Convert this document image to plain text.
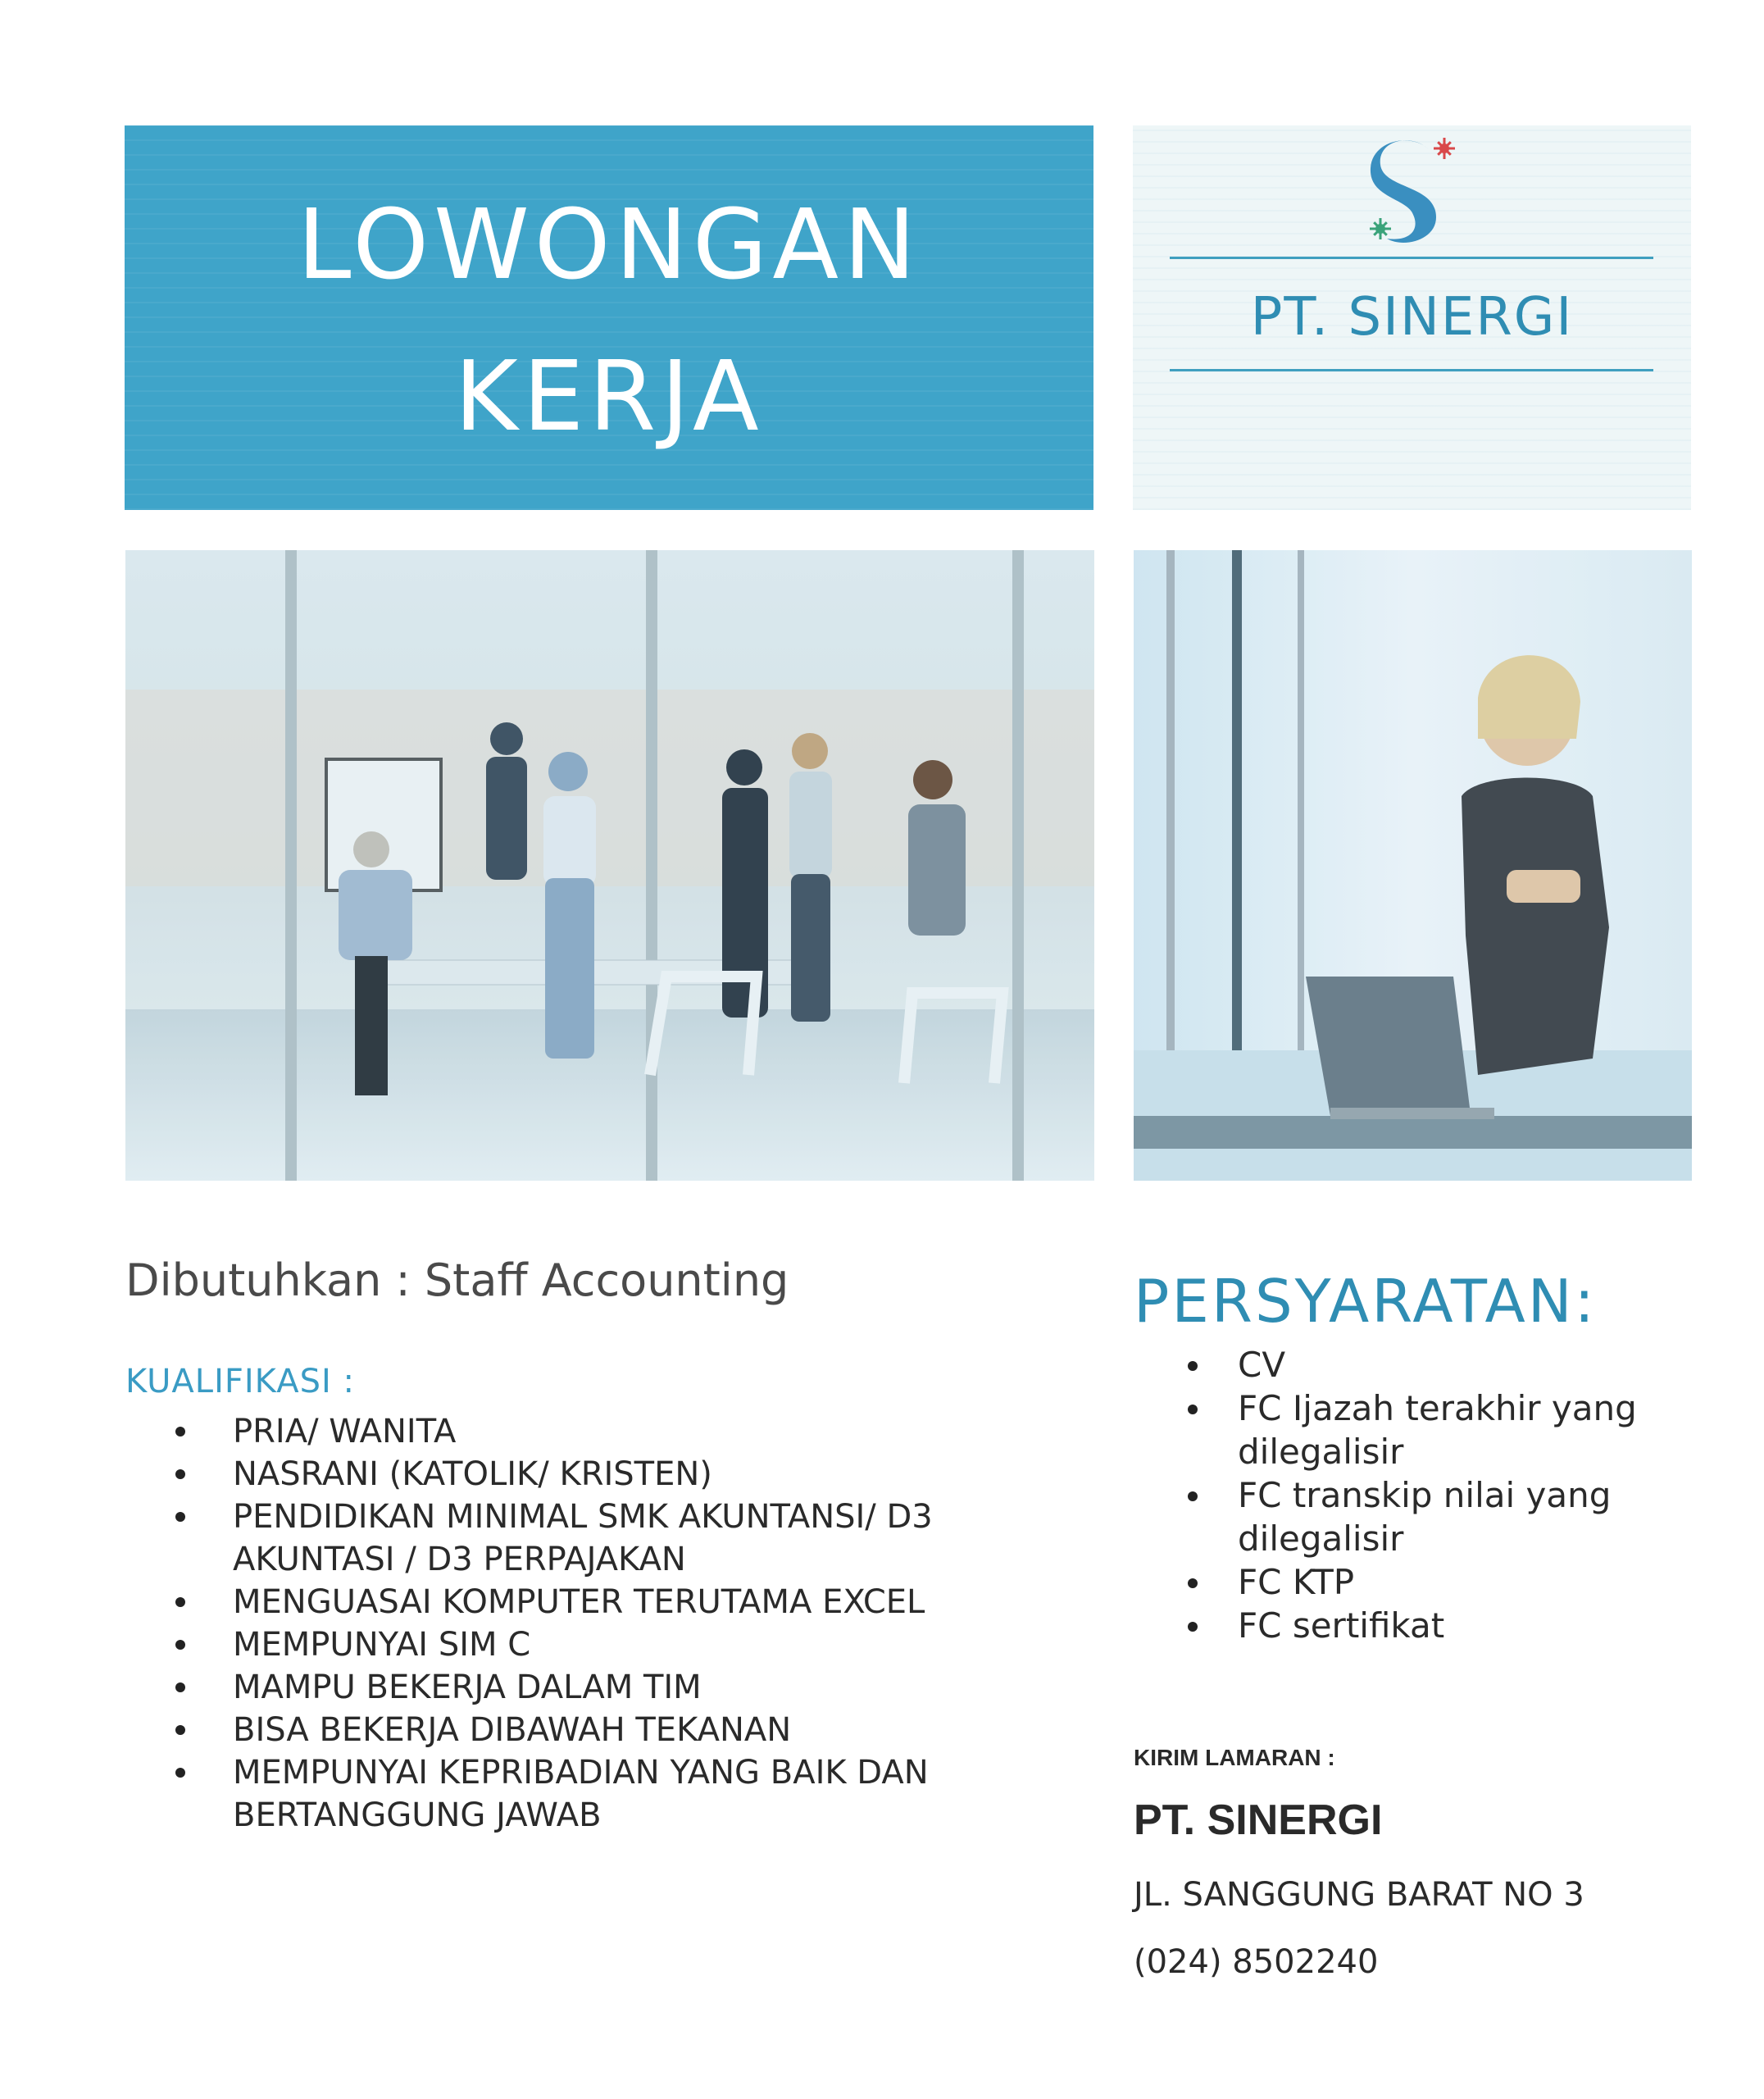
LOWONGAN
KERJA
PT. SINERGI
Dibutuhkan : Staff Accounting
KUALIFIKASI :
PRIA/ WANITA
NASRANI (KATOLIK/ KRISTEN)
PENDIDIKAN MINIMAL SMK AKUNTANSI/ D3 AKUNTASI / D3 PERPAJAKAN
MENGUASAI KOMPUTER TERUTAMA EXCEL
MEMPUNYAI SIM C
MAMPU BEKERJA DALAM TIM
BISA BEKERJA DIBAWAH TEKANAN
MEMPUNYAI KEPRIBADIAN YANG BAIK DAN BERTANGGUNG JAWAB
PERSYARATAN:
CV
FC Ijazah terakhir yang dilegalisir
FC transkip nilai yang dilegalisir
FC KTP
FC sertifikat
KIRIM LAMARAN :
PT. SINERGI
JL. SANGGUNG BARAT NO 3
(024) 8502240
